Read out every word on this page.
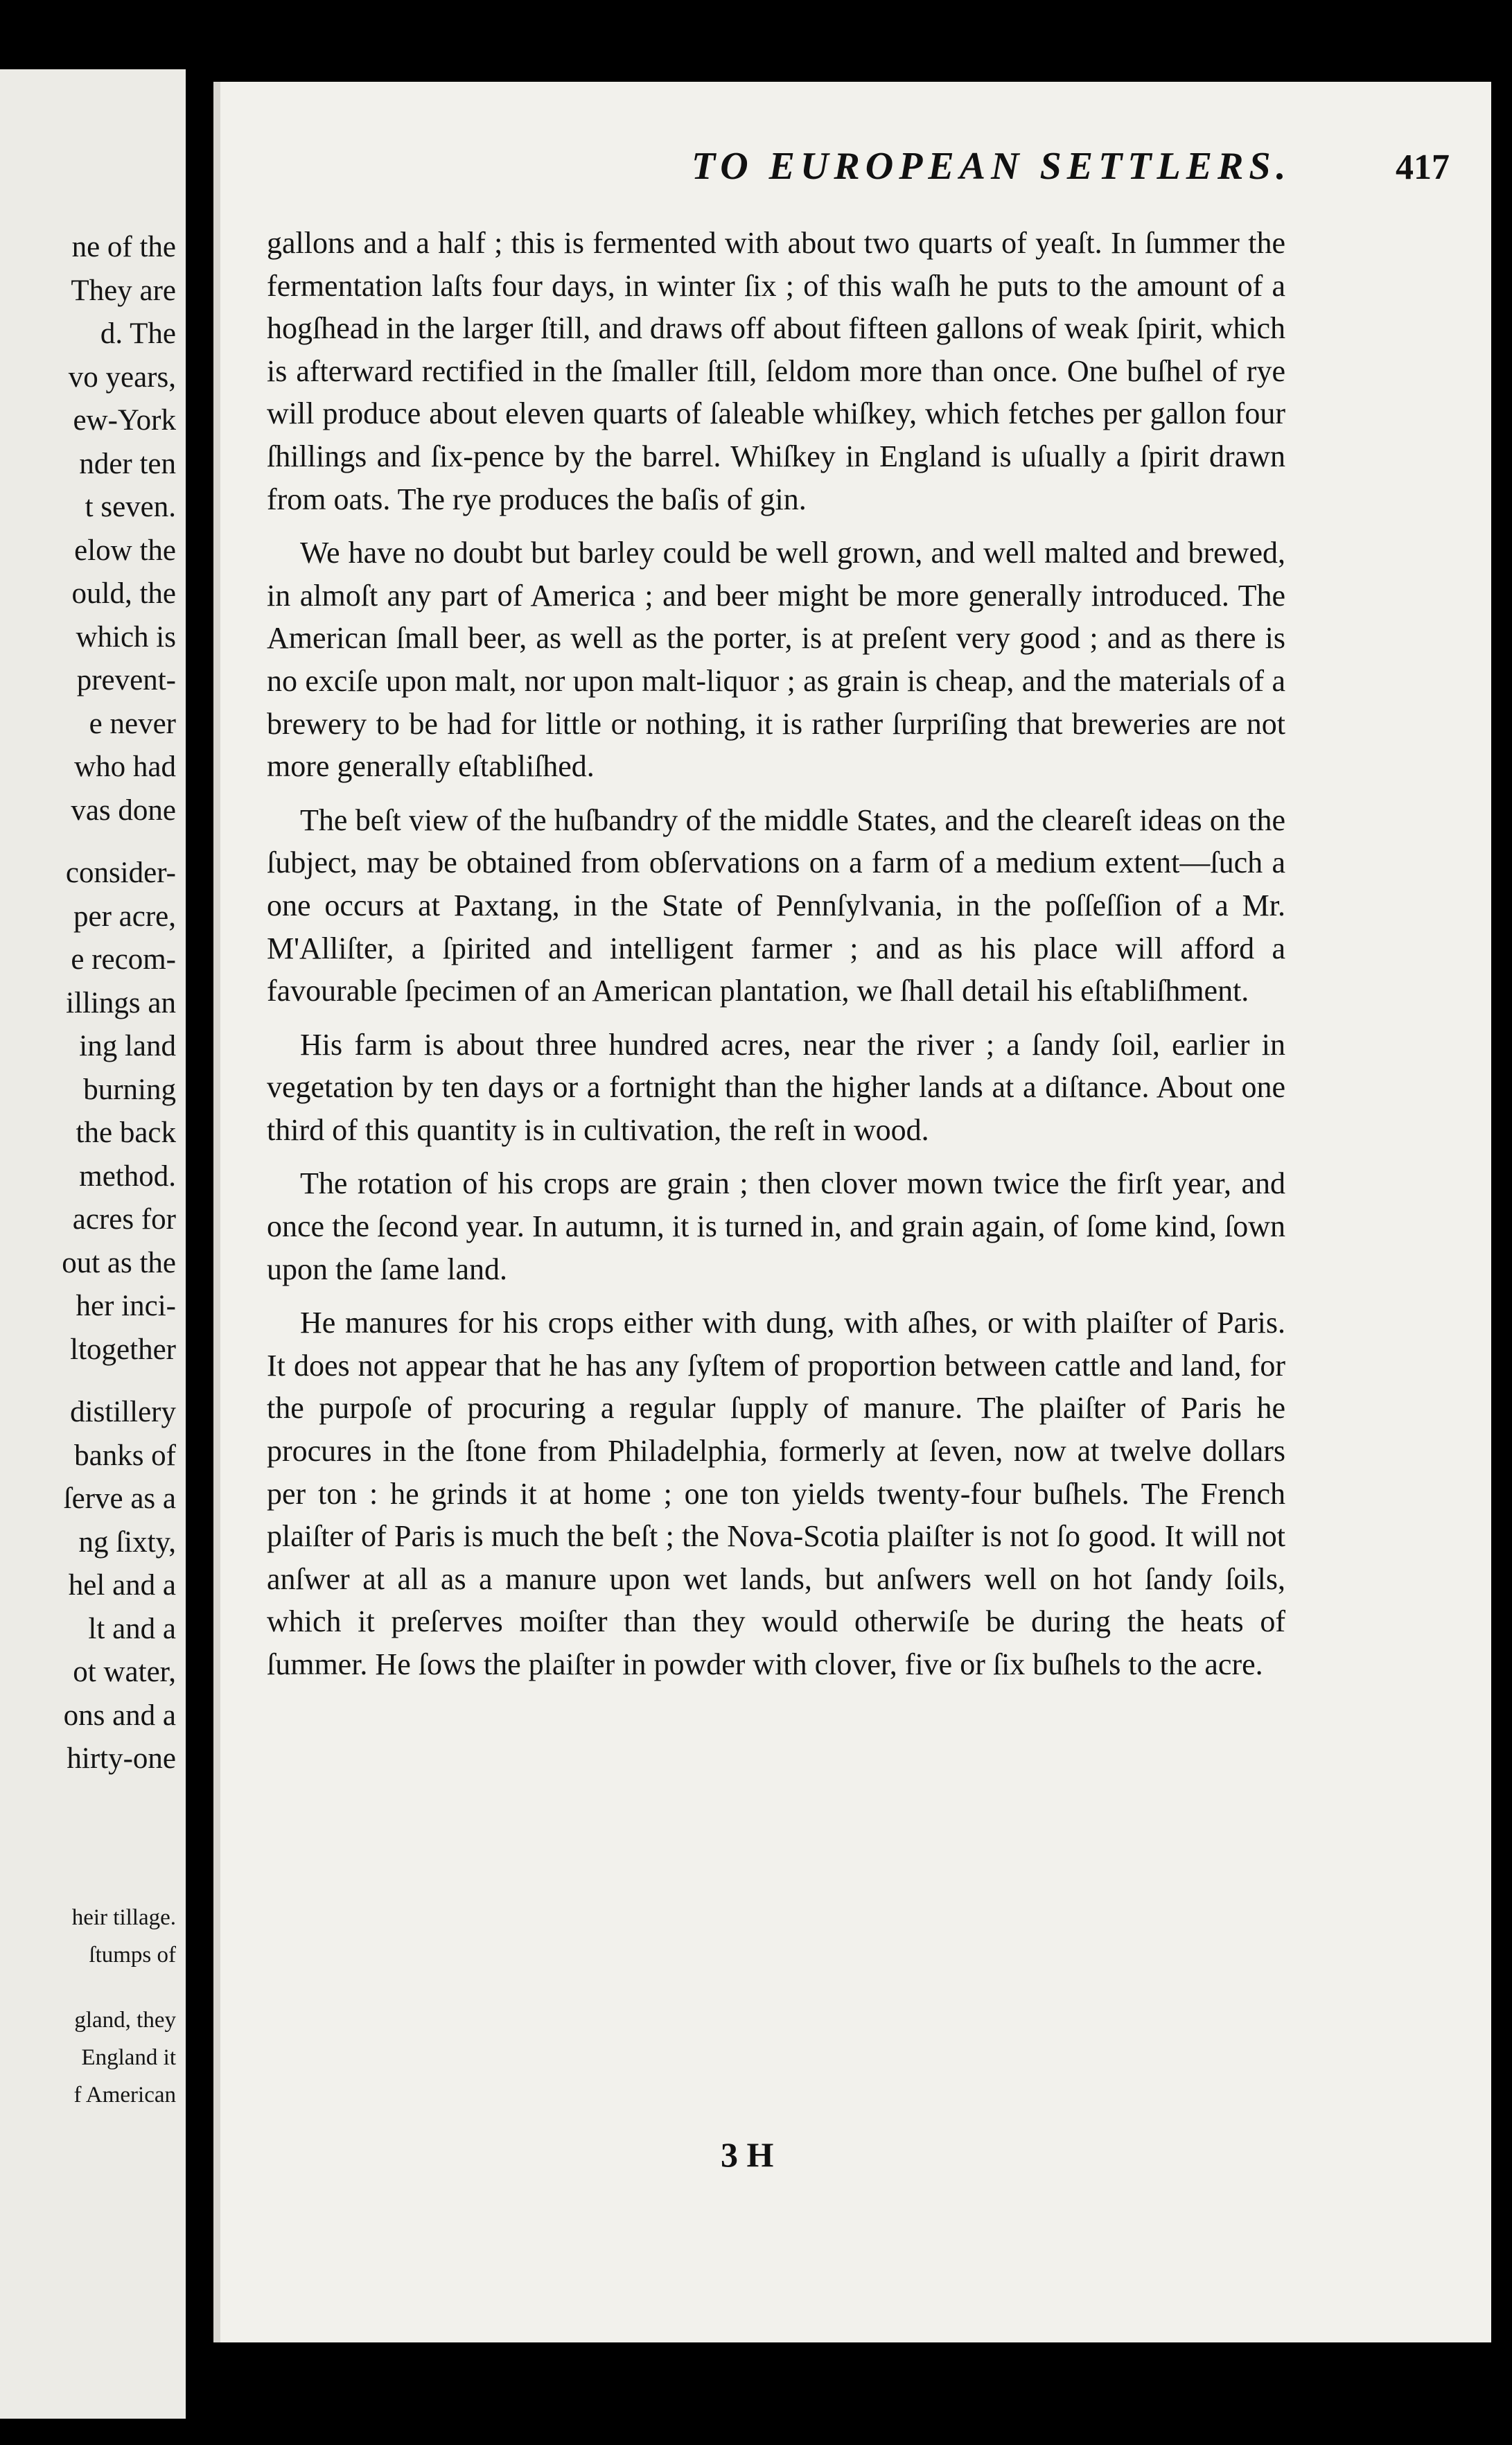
ne of the
They are
d. The
vo years,
ew-York
nder ten
t seven.
elow the
ould, the
which is
prevent-
e never
who had
vas done
consider-
per acre,
e recom-
illings an
ing land
burning
the back
method.
acres for
out as the
her inci-
ltogether
distillery
banks of
ſerve as a
ng ſixty,
hel and a
lt and a
ot water,
ons and a
hirty-one
heir tillage.
ſtumps of
gland, they
England it
f American
TO EUROPEAN SETTLERS.	417

gallons and a half ; this is fermented with about two quarts of yeaſt. In ſummer the fermentation laſts four days, in winter ſix ; of this waſh he puts to the amount of a hogſhead in the larger ſtill, and draws off about fifteen gallons of weak ſpirit, which is afterward rectified in the ſmaller ſtill, ſeldom more than once. One buſhel of rye will produce about eleven quarts of ſaleable whiſkey, which fetches per gallon four ſhillings and ſix-pence by the barrel. Whiſkey in England is uſually a ſpirit drawn from oats. The rye produces the baſis of gin.

We have no doubt but barley could be well grown, and well malted and brewed, in almoſt any part of America ; and beer might be more generally introduced. The American ſmall beer, as well as the porter, is at preſent very good ; and as there is no exciſe upon malt, nor upon malt-liquor ; as grain is cheap, and the materials of a brewery to be had for little or nothing, it is rather ſurpriſing that breweries are not more generally eſtabliſhed.

The beſt view of the huſbandry of the middle States, and the cleareſt ideas on the ſubject, may be obtained from obſervations on a farm of a medium extent—ſuch a one occurs at Paxtang, in the State of Pennſylvania, in the poſſeſſion of a Mr. M'Alliſter, a ſpirited and intelligent farmer ; and as his place will afford a favourable ſpecimen of an American plantation, we ſhall detail his eſtabliſhment.

His farm is about three hundred acres, near the river ; a ſandy ſoil, earlier in vegetation by ten days or a fortnight than the higher lands at a diſtance. About one third of this quantity is in cultivation, the reſt in wood.

The rotation of his crops are grain ; then clover mown twice the firſt year, and once the ſecond year. In autumn, it is turned in, and grain again, of ſome kind, ſown upon the ſame land.

He manures for his crops either with dung, with aſhes, or with plaiſter of Paris. It does not appear that he has any ſyſtem of proportion between cattle and land, for the purpoſe of procuring a regular ſupply of manure. The plaiſter of Paris he procures in the ſtone from Philadelphia, formerly at ſeven, now at twelve dollars per ton : he grinds it at home ; one ton yields twenty-four buſhels. The French plaiſter of Paris is much the beſt ; the Nova-Scotia plaiſter is not ſo good. It will not anſwer at all as a manure upon wet lands, but anſwers well on hot ſandy ſoils, which it preſerves moiſter than they would otherwiſe be during the heats of ſummer. He ſows the plaiſter in powder with clover, five or ſix buſhels to the acre.

3 H
